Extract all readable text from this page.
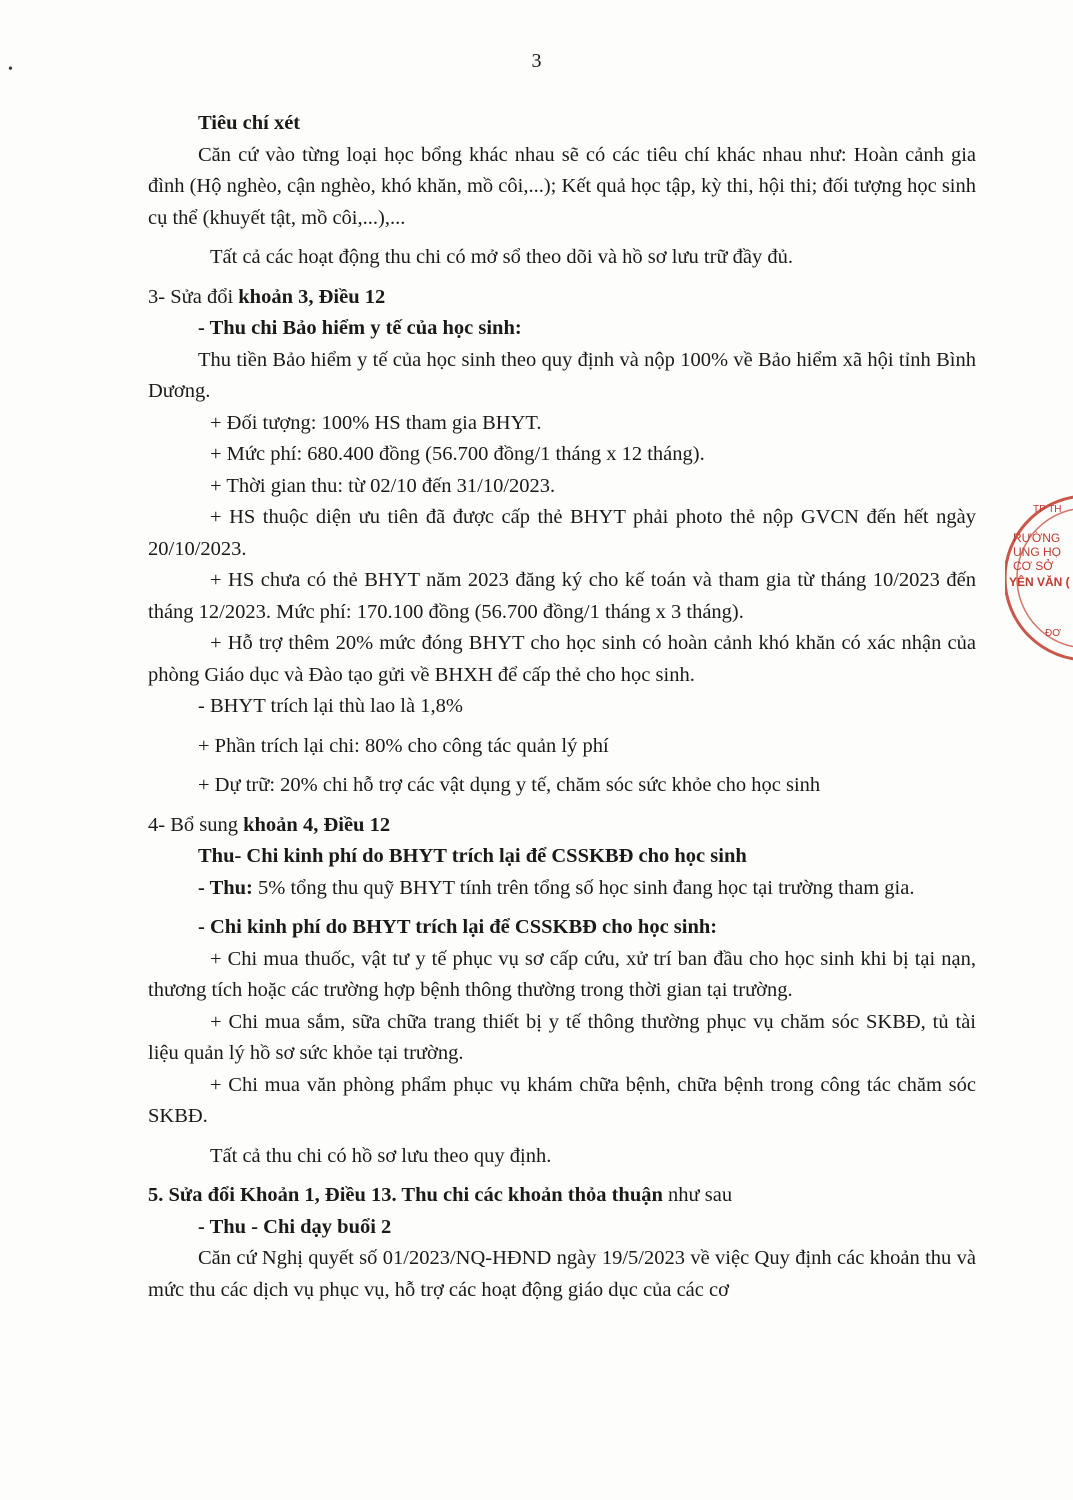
3
•

Tiêu chí xét

Căn cứ vào từng loại học bổng khác nhau sẽ có các tiêu chí khác nhau như: Hoàn cảnh gia đình (Hộ nghèo, cận nghèo, khó khăn, mồ côi,...); Kết quả học tập, kỳ thi, hội thi; đối tượng học sinh cụ thể (khuyết tật, mồ côi,...),...

Tất cả các hoạt động thu chi có mở sổ theo dõi và hồ sơ lưu trữ đầy đủ.

3- Sửa đổi khoản 3, Điều 12

- Thu chi Bảo hiểm y tế của học sinh:

Thu tiền Bảo hiểm y tế của học sinh theo quy định và nộp 100% về Bảo hiểm xã hội tỉnh Bình Dương.

+ Đối tượng: 100% HS tham gia BHYT.

+ Mức phí: 680.400 đồng (56.700 đồng/1 tháng x 12 tháng).

+ Thời gian thu: từ 02/10 đến 31/10/2023.

+ HS thuộc diện ưu tiên đã được cấp thẻ BHYT phải photo thẻ nộp GVCN đến hết ngày 20/10/2023.

+ HS chưa có thẻ BHYT năm 2023 đăng ký cho kế toán và tham gia từ tháng 10/2023 đến tháng 12/2023. Mức phí: 170.100 đồng (56.700 đồng/1 tháng x 3 tháng).

+ Hỗ trợ thêm 20% mức đóng BHYT cho học sinh có hoàn cảnh khó khăn có xác nhận của phòng Giáo dục và Đào tạo gửi về BHXH để cấp thẻ cho học sinh.

- BHYT trích lại thù lao là 1,8%

+ Phần trích lại chi: 80% cho công tác quản lý phí

+ Dự trữ: 20% chi hỗ trợ các vật dụng y tế, chăm sóc sức khỏe cho học sinh

4- Bổ sung khoản 4, Điều 12

Thu- Chi kinh phí do BHYT trích lại để CSSKBĐ cho học sinh

- Thu: 5% tổng thu quỹ BHYT tính trên tổng số học sinh đang học tại trường tham gia.

- Chi kinh phí do BHYT trích lại để CSSKBĐ cho học sinh:

+ Chi mua thuốc, vật tư y tế phục vụ sơ cấp cứu, xử trí ban đầu cho học sinh khi bị tại nạn, thương tích hoặc các trường hợp bệnh thông thường trong thời gian tại trường.

+ Chi mua sắm, sữa chữa trang thiết bị y tế thông thường phục vụ chăm sóc SKBĐ, tủ tài liệu quản lý hồ sơ sức khỏe tại trường.

+ Chi mua văn phòng phẩm phục vụ khám chữa bệnh, chữa bệnh trong công tác chăm sóc SKBĐ.

Tất cả thu chi có hồ sơ lưu theo quy định.

5. Sửa đổi Khoản 1, Điều 13. Thu chi các khoản thỏa thuận như sau

- Thu - Chi dạy buổi 2

Căn cứ Nghị quyết số 01/2023/NQ-HĐND ngày 19/5/2023 về việc Quy định các khoản thu và mức thu các dịch vụ phục vụ, hỗ trợ các hoạt động giáo dục của các cơ

TP TH
RƯỜNG
UNG HỌ
CƠ SỞ
YÊN VĂN (
ĐƠ
